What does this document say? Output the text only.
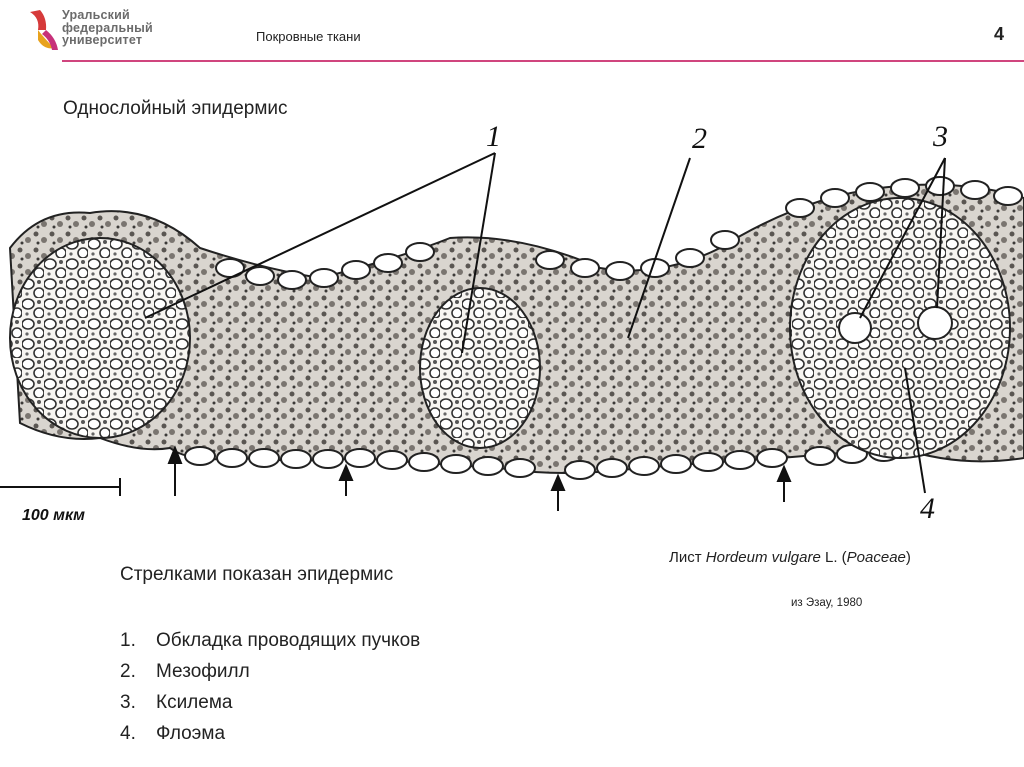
Уральский
федеральный
университет	Покровные ткани	4
Однослойный эпидермис
100 мкм
1	2	3
4
Лист Hordeum vulgare L. (Poaceae)
из Эзау, 1980
Стрелками показан эпидермис
1. Обкладка проводящих пучков
2. Мезофилл
3. Ксилема
4. Флоэма
